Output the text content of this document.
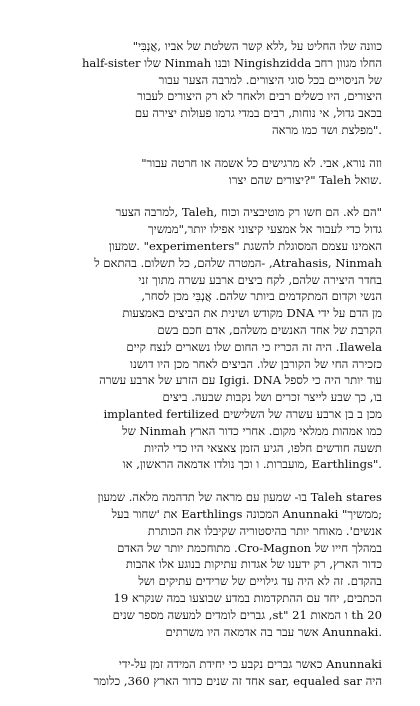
כוונה שלו החליט על ,ללא קשר השלטת של אביו ,אֲנְבִּי"
החלו מגוון רחב Ningishzidda ובנו Ninmah שלו half-sister
של הניסויים בכל סוגי היצורים. למרבה הצער עבור
היצורים, היו כשלים רבים ולאחר לא רק היצורים לעבור
בכאב גדול, אי נוחות, רבים במדי גרמו פעולות יצירה עם
."מפלצת ושד כמו מראה

וזה נורא, אבי. לא מרגישים כל אשמה או חרטה עבור"
.שואל Taleh "?יצורים שהם יצרו

"הם לא. הם חשו רק מוטיבציה וכוח ,Taleh ,למרבה הצער
גדול כדי לעבור אל אמצעי קיצוני אפילו יותר,"ממשיך
האמינו עצמם המסוגלת להשגת "experimenters" .שמעון
Atrahasis, Ninmah, -המטרה שלהם, כל תשלום. בהתאם ל
בחדר היצירה שלהם, לקח ביצים ארבע עשרה מתוך זני
הנשי וקדום המתקדמים ביותר שלהם. אֲנְבִּי מכן לסחר,
מן הדם על ידי DNA מקודש ושינית את הביצים באמצעות
הקרבת של אחד האנשים משלהם, אדם חכם בשם
Ilawela. היה זה הכריז כי החום שלו נשארים לנצח קיים
כזכירה החי של הקורבן שלו. הביצים לאחר מכן היו דושנו
עוד יותר היה כי לספל Igigi. DNA עם הזרע של ארבע עשרה
בו, כך שבע לייצר זכרים ושל נקבות שבעה. ביצים
מכן ב בן ארבע עשרה של השלישים implanted fertilized
כמו אמהות ממלאי מקום. אחרי כדור הארץ Ninmah של
תשעה חודשים חלפו, הגיע הזמן צאצאי היו כדי להיות
."Earthlings ,מועברות. ו וכך נולדו אדמאה הראשון, או

Taleh stares בו- שמעון עם מראה של תדהמה מלאה. שמעון
;ממשיך" Anunnaki המכונה Earthlings את 'שחור בעל
אנשים'. מאוחר יותר בהיסטוריה שקיבלו את הכותרת
במהלך חייו של Cro-Magnon. מתוחכמת יותר של האדם
כדור הארץ, רק ידענו של אגדות עתיקות בנוגע אלו אהבות
בהקדם. זה לא היה עד גילויים של שרידים עתיקים ושל
הכתבים, יחד עם ההתקדמות במדע שבוצעו במה שנקרא 19
th 20 ו המאות 21 "st, גברים לומדים למעשה מספר שנים
.Anunnaki אשר עבר בה אדמאה היו משרתים

Anunnaki כאשר גברים נקבע כי יחידת המידה זמן על-ידי
היה sar, equaled sar אחד זה שנים כדור הארץ 360, כלומר
